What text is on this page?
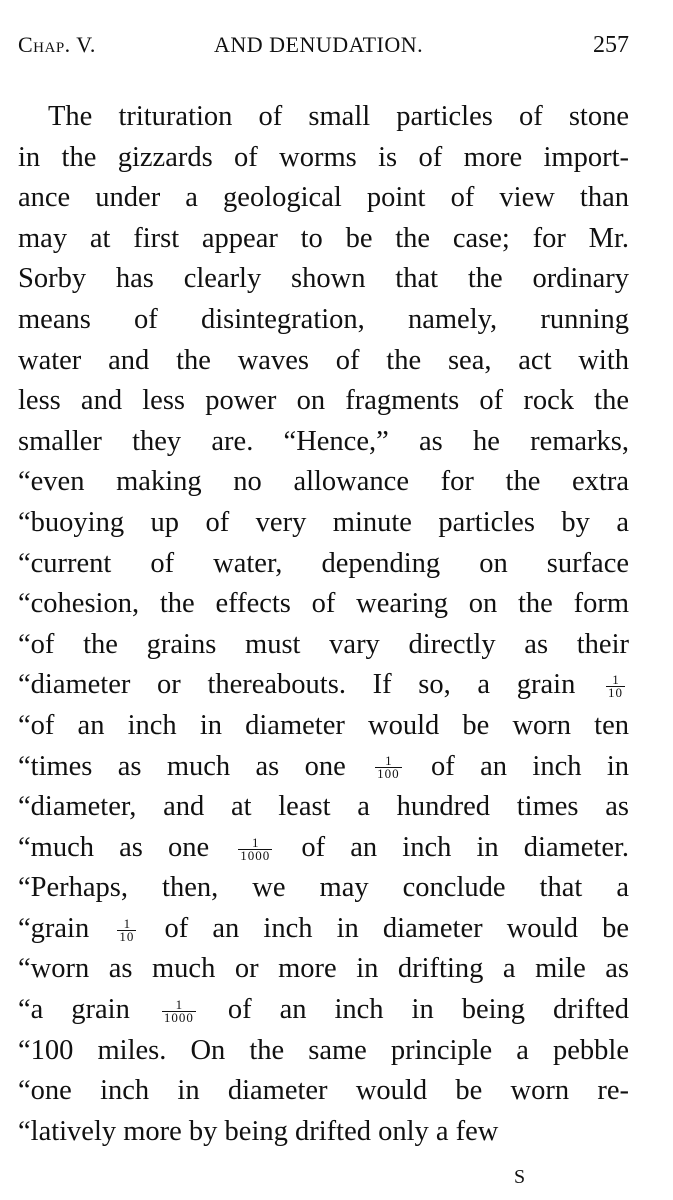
Chap. V.	AND DENUDATION.	257
The trituration of small particles of stone
in the gizzards of worms is of more import-
ance under a geological point of view than
may at first appear to be the case; for Mr.
Sorby has clearly shown that the ordinary
means of disintegration, namely, running
water and the waves of the sea, act with
less and less power on fragments of rock the
smaller they are. “Hence,” as he remarks,
“even making no allowance for the extra
“buoying up of very minute particles by a
“current of water, depending on surface
“cohesion, the effects of wearing on the form
“of the grains must vary directly as their
“diameter or thereabouts. If so, a grain $\frac{1}{10}$
“of an inch in diameter would be worn ten
“times as much as one $\frac{1}{100}$ of an inch in
“diameter, and at least a hundred times as
“much as one $\frac{1}{1000}$ of an inch in diameter.
“Perhaps, then, we may conclude that a
“grain $\frac{1}{10}$ of an inch in diameter would be
“worn as much or more in drifting a mile as
“a grain $\frac{1}{1000}$ of an inch in being drifted
“100 miles. On the same principle a pebble
“one inch in diameter would be worn re-
“latively more by being drifted only a few
S
